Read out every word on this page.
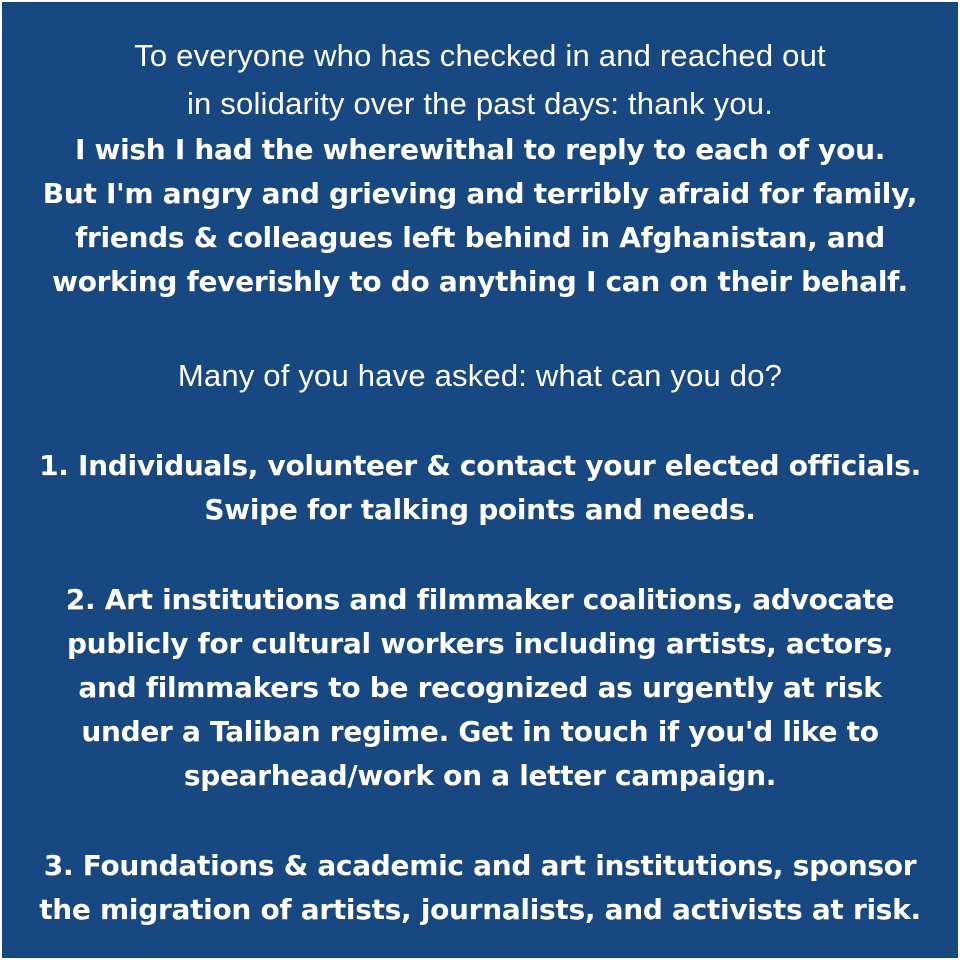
To everyone who has checked in and reached out
in solidarity over the past days: thank you.
I wish I had the wherewithal to reply to each of you.
But I'm angry and grieving and terribly afraid for family,
friends & colleagues left behind in Afghanistan, and
working feverishly to do anything I can on their behalf.
Many of you have asked: what can you do?
1. Individuals, volunteer & contact your elected officials.
Swipe for talking points and needs.
2. Art institutions and filmmaker coalitions, advocate
publicly for cultural workers including artists, actors,
and filmmakers to be recognized as urgently at risk
under a Taliban regime. Get in touch if you'd like to
spearhead/work on a letter campaign.
3. Foundations & academic and art institutions, sponsor
the migration of artists, journalists, and activists at risk.
